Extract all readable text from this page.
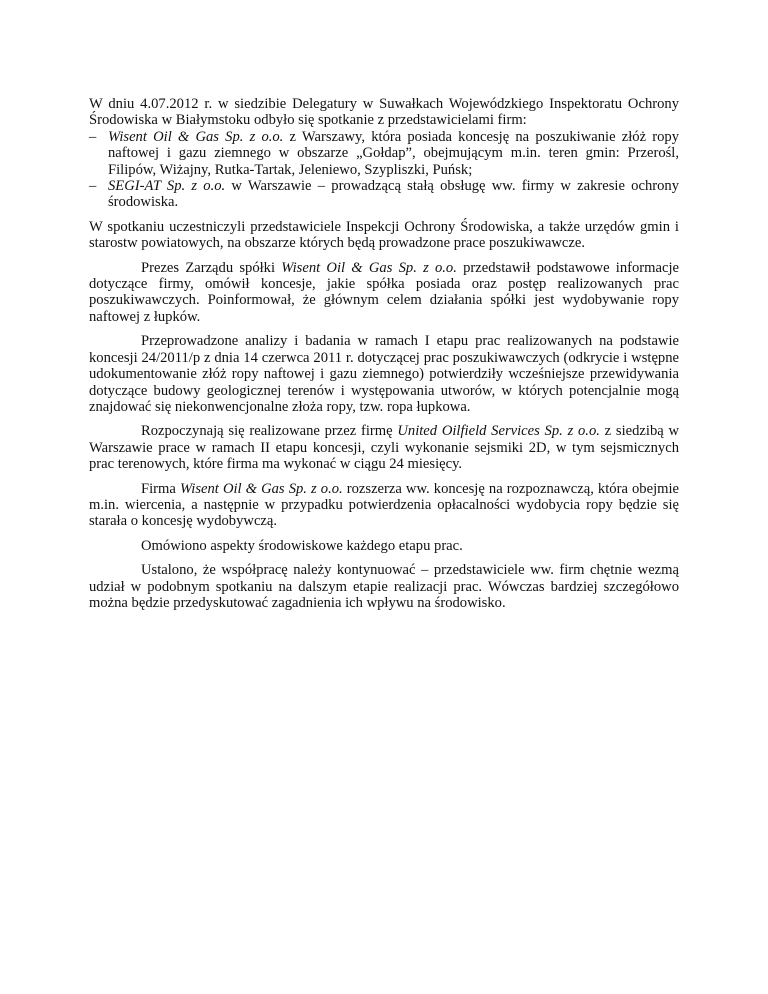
W dniu 4.07.2012 r. w siedzibie Delegatury w Suwałkach Wojewódzkiego Inspektoratu Ochrony Środowiska w Białymstoku odbyło się spotkanie z przedstawicielami firm:

– Wisent Oil & Gas Sp. z o.o. z Warszawy, która posiada koncesję na poszukiwanie złóż ropy naftowej i gazu ziemnego w obszarze „Gołdap”, obejmującym m.in. teren gmin: Przerośl, Filipów, Wiżajny, Rutka-Tartak, Jeleniewo, Szypliszki, Puńsk;
– SEGI-AT Sp. z o.o. w Warszawie – prowadzącą stałą obsługę ww. firmy w zakresie ochrony środowiska.

W spotkaniu uczestniczyli przedstawiciele Inspekcji Ochrony Środowiska, a także urzędów gmin i starostw powiatowych, na obszarze których będą prowadzone prace poszukiwawcze.

Prezes Zarządu spółki Wisent Oil & Gas Sp. z o.o. przedstawił podstawowe informacje dotyczące firmy, omówił koncesje, jakie spółka posiada oraz postęp realizowanych prac poszukiwawczych. Poinformował, że głównym celem działania spółki jest wydobywanie ropy naftowej z łupków.

Przeprowadzone analizy i badania w ramach I etapu prac realizowanych na podstawie koncesji 24/2011/p z dnia 14 czerwca 2011 r. dotyczącej prac poszukiwawczych (odkrycie i wstępne udokumentowanie złóż ropy naftowej i gazu ziemnego) potwierdziły wcześniejsze przewidywania dotyczące budowy geologicznej terenów i występowania utworów, w których potencjalnie mogą znajdować się niekonwencjonalne złoża ropy, tzw. ropa łupkowa.

Rozpoczynają się realizowane przez firmę United Oilfield Services Sp. z o.o. z siedzibą w Warszawie prace w ramach II etapu koncesji, czyli wykonanie sejsmiki 2D, w tym sejsmicznych prac terenowych, które firma ma wykonać w ciągu 24 miesięcy.

Firma Wisent Oil & Gas Sp. z o.o. rozszerza ww. koncesję na rozpoznawczą, która obejmie m.in. wiercenia, a następnie w przypadku potwierdzenia opłacalności wydobycia ropy będzie się starała o koncesję wydobywczą.

Omówiono aspekty środowiskowe każdego etapu prac.

Ustalono, że współpracę należy kontynuować – przedstawiciele ww. firm chętnie wezmą udział w podobnym spotkaniu na dalszym etapie realizacji prac. Wówczas bardziej szczegółowo można będzie przedyskutować zagadnienia ich wpływu na środowisko.
